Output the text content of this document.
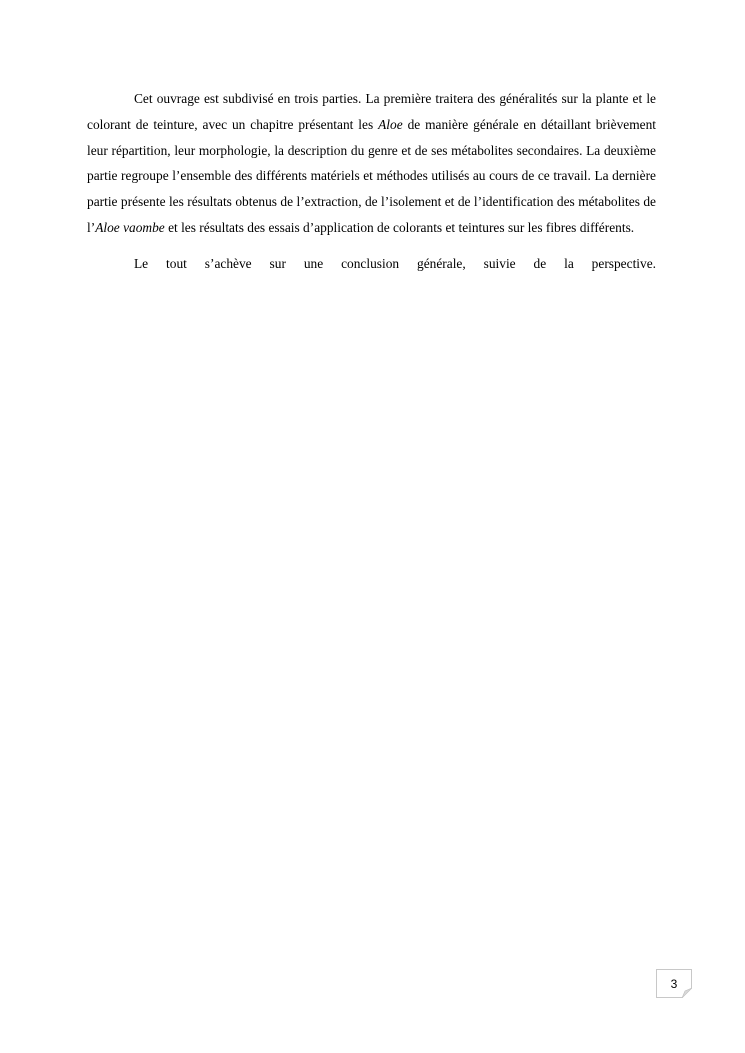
Cet ouvrage est subdivisé en trois parties. La première traitera des généralités sur la plante et le colorant de teinture, avec un chapitre présentant les Aloe de manière générale en détaillant brièvement leur répartition, leur morphologie, la description du genre et de ses métabolites secondaires. La deuxième partie regroupe l’ensemble des différents matériels et méthodes utilisés au cours de ce travail. La dernière partie présente les résultats obtenus de l’extraction, de l’isolement et de l’identification des métabolites de l’Aloe vaombe et les résultats des essais d’application de colorants et teintures sur les fibres différents.

Le tout s’achève sur une conclusion générale, suivie de la perspective.

3
